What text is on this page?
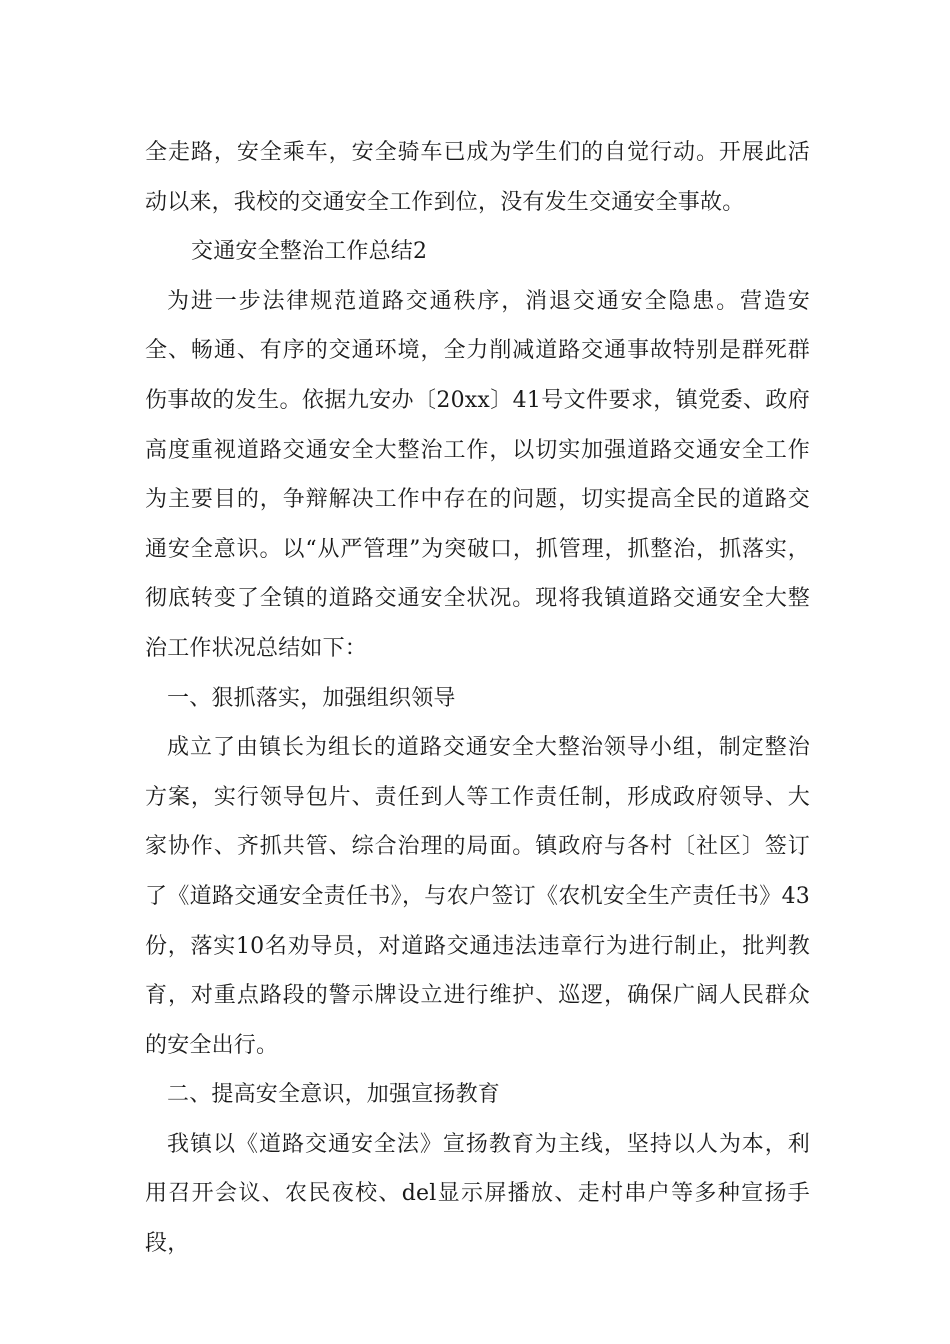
全走路，安全乘车，安全骑车已成为学生们的自觉行动。开展此活动以来，我校的交通安全工作到位，没有发生交通安全事故。

交通安全整治工作总结2

为进一步法律规范道路交通秩序，消退交通安全隐患。营造安全、畅通、有序的交通环境，全力削减道路交通事故特别是群死群伤事故的发生。依据九安办〔20xx〕41号文件要求，镇党委、政府高度重视道路交通安全大整治工作，以切实加强道路交通安全工作为主要目的，争辩解决工作中存在的问题，切实提高全民的道路交通安全意识。以“从严管理”为突破口，抓管理，抓整治，抓落实，彻底转变了全镇的道路交通安全状况。现将我镇道路交通安全大整治工作状况总结如下：

一、狠抓落实，加强组织领导

成立了由镇长为组长的道路交通安全大整治领导小组，制定整治方案，实行领导包片、责任到人等工作责任制，形成政府领导、大家协作、齐抓共管、综合治理的局面。镇政府与各村〔社区〕签订了《道路交通安全责任书》，与农户签订《农机安全生产责任书》43份，落实10名劝导员，对道路交通违法违章行为进行制止，批判教育，对重点路段的警示牌设立进行维护、巡逻，确保广阔人民群众的安全出行。

二、提高安全意识，加强宣扬教育

我镇以《道路交通安全法》宣扬教育为主线，坚持以人为本，利用召开会议、农民夜校、del显示屏播放、走村串户等多种宣扬手段，
